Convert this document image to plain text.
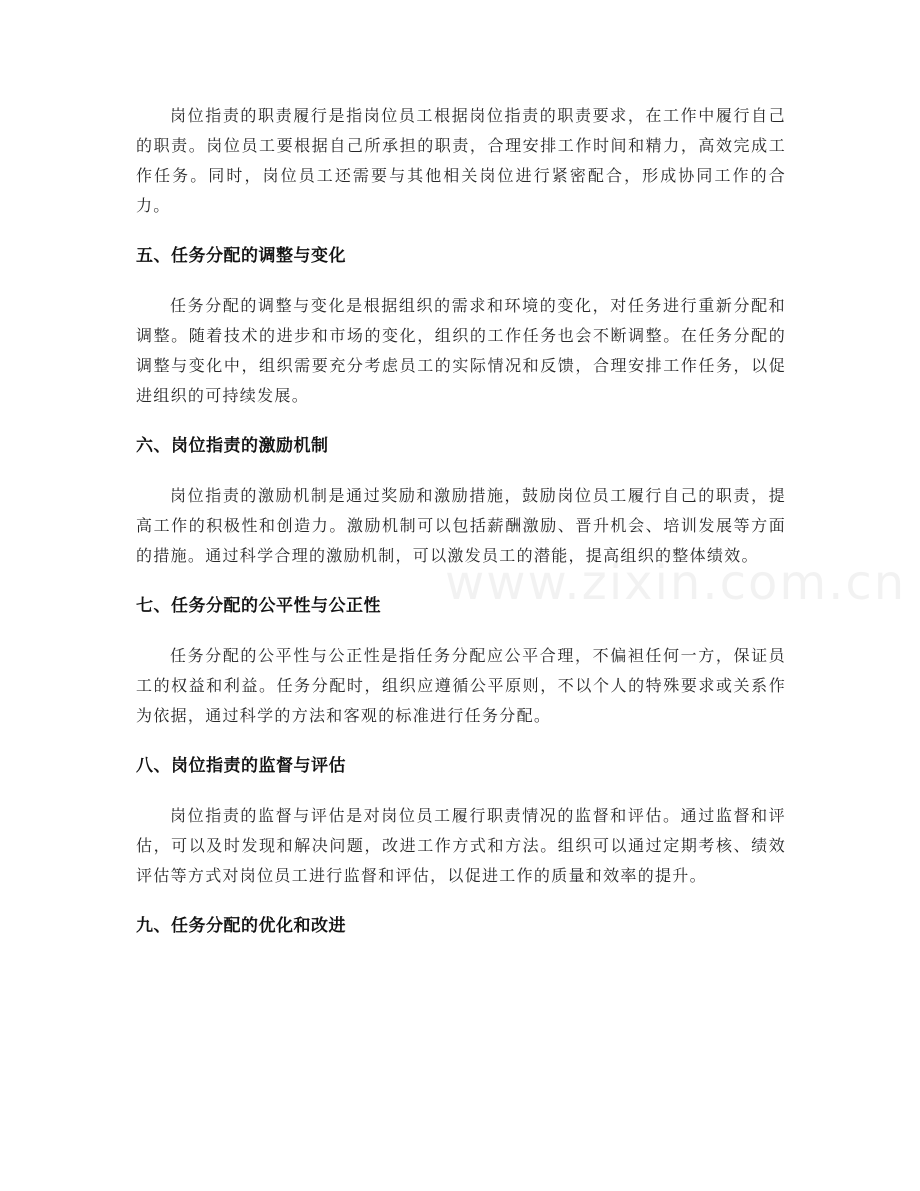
岗位指责的职责履行是指岗位员工根据岗位指责的职责要求，在工作中履行自己的职责。岗位员工要根据自己所承担的职责，合理安排工作时间和精力，高效完成工作任务。同时，岗位员工还需要与其他相关岗位进行紧密配合，形成协同工作的合力。

五、任务分配的调整与变化

任务分配的调整与变化是根据组织的需求和环境的变化，对任务进行重新分配和调整。随着技术的进步和市场的变化，组织的工作任务也会不断调整。在任务分配的调整与变化中，组织需要充分考虑员工的实际情况和反馈，合理安排工作任务，以促进组织的可持续发展。

六、岗位指责的激励机制

岗位指责的激励机制是通过奖励和激励措施，鼓励岗位员工履行自己的职责，提高工作的积极性和创造力。激励机制可以包括薪酬激励、晋升机会、培训发展等方面的措施。通过科学合理的激励机制，可以激发员工的潜能，提高组织的整体绩效。

七、任务分配的公平性与公正性

任务分配的公平性与公正性是指任务分配应公平合理，不偏袒任何一方，保证员工的权益和利益。任务分配时，组织应遵循公平原则，不以个人的特殊要求或关系作为依据，通过科学的方法和客观的标准进行任务分配。

八、岗位指责的监督与评估

岗位指责的监督与评估是对岗位员工履行职责情况的监督和评估。通过监督和评估，可以及时发现和解决问题，改进工作方式和方法。组织可以通过定期考核、绩效评估等方式对岗位员工进行监督和评估，以促进工作的质量和效率的提升。

九、任务分配的优化和改进
www.zixin.com.cn
